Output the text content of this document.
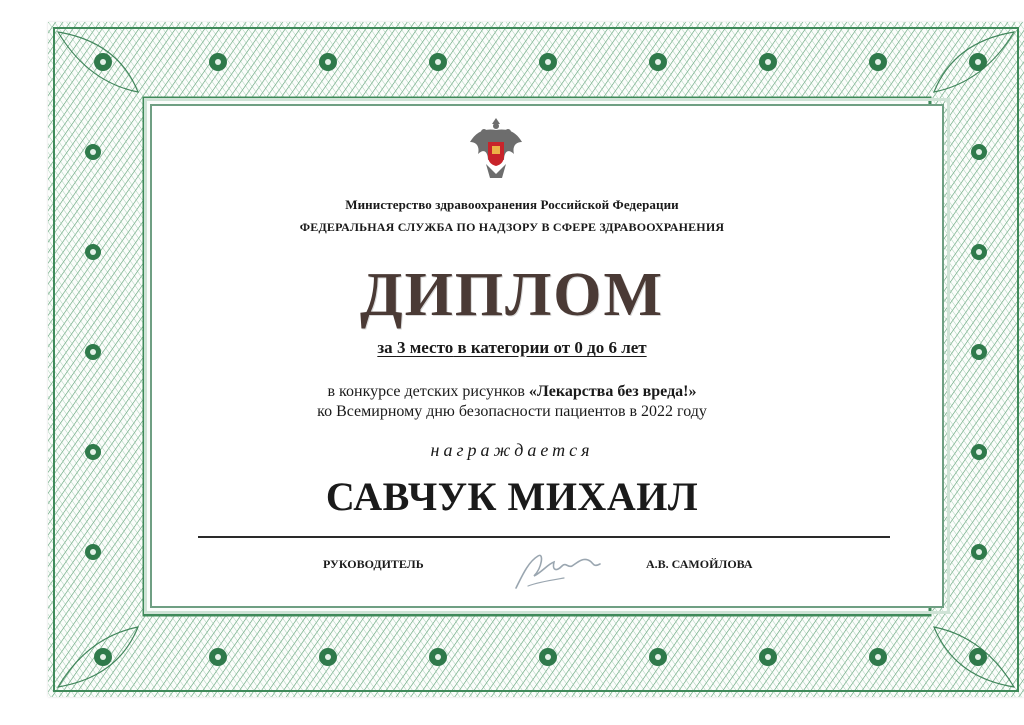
Министерство здравоохранения Российской Федерации
ФЕДЕРАЛЬНАЯ СЛУЖБА ПО НАДЗОРУ В СФЕРЕ ЗДРАВООХРАНЕНИЯ
ДИПЛОМ
за 3 место в категории от 0 до 6 лет
в конкурсе детских рисунков «Лекарства без вреда!»
ко Всемирному дню безопасности пациентов в 2022 году
награждается
САВЧУК МИХАИЛ
РУКОВОДИТЕЛЬ	А.В. САМОЙЛОВА
